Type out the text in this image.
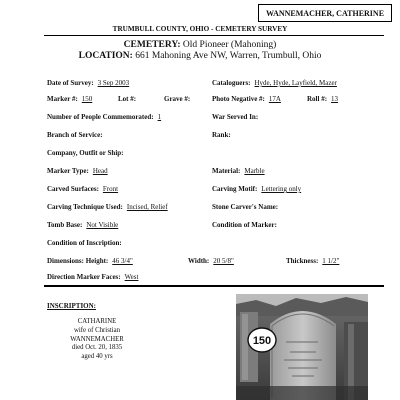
WANNEMACHER, CATHERINE
TRUMBULL COUNTY, OHIO - CEMETERY SURVEY
CEMETERY: Old Pioneer (Mahoning)
LOCATION: 661 Mahoning Ave NW, Warren, Trumbull, Ohio
Date of Survey: 3 Sep 2003	Cataloguers: Hyde, Hyde, Layfield, Mazer
Marker #: 150	Lot #:	Grave #:	Photo Negative #: 17A	Roll #: 13
Number of People Commemorated: 1	War Served In:
Branch of Service:	Rank:
Company, Outfit or Ship:
Marker Type: Head	Material: Marble
Carved Surfaces: Front	Carving Motif: Lettering only
Carving Technique Used: Incised, Relief	Stone Carver's Name:
Tomb Base: Not Visible	Condition of Marker:
Condition of Inscription:
Dimensions: Height: 46 3/4"	Width: 20 5/8"	Thickness: 1 1/2"
Direction Marker Faces: West
INSCRIPTION:
CATHARINE
wife of Christian
WANNEMACHER
died Oct. 20, 1835
aged 40 yrs
150
